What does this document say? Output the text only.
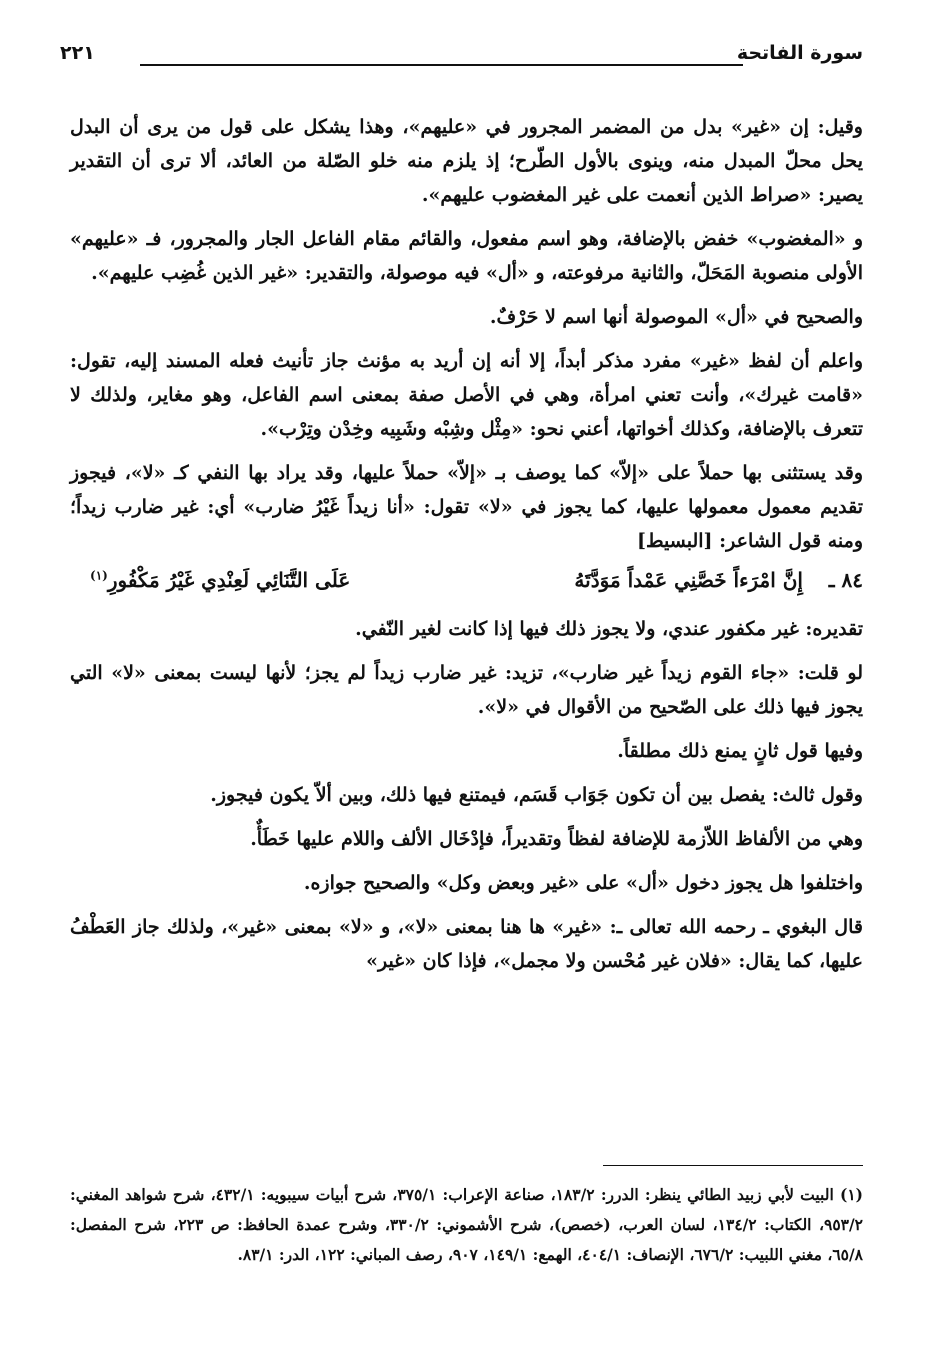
سورة الفاتحة
٢٢١

وقيل: إن «غير» بدل من المضمر المجرور في «عليهم»، وهذا يشكل على قول من يرى أن البدل يحل محلّ المبدل منه، وينوى بالأول الطّرح؛ إذ يلزم منه خلو الصّلة من العائد، ألا ترى أن التقدير يصير: «صراط الذين أنعمت على غير المغضوب عليهم».

و «المغضوب» خفض بالإضافة، وهو اسم مفعول، والقائم مقام الفاعل الجار والمجرور، فـ «عليهم» الأولى منصوبة المَحَلّ، والثانية مرفوعته، و «أل» فيه موصولة، والتقدير: «غير الذين غُضِب عليهم».

والصحيح في «أل» الموصولة أنها اسم لا حَرْفٌ.

واعلم أن لفظ «غير» مفرد مذكر أبداً، إلا أنه إن أريد به مؤنث جاز تأنيث فعله المسند إليه، تقول: «قامت غيرك»، وأنت تعني امرأة، وهي في الأصل صفة بمعنى اسم الفاعل، وهو مغاير، ولذلك لا تتعرف بالإضافة، وكذلك أخواتها، أعني نحو: «مِثْل وشِبْه وشَبِيه وخِدْن وتِرْب».

وقد يستثنى بها حملاً على «إلاّ» كما يوصف بـ «إلاّ» حملاً عليها، وقد يراد بها النفي كـ «لا»، فيجوز تقديم معمول معمولها عليها، كما يجوز في «لا» تقول: «أنا زيداً غَيْرُ ضارب» أي: غير ضارب زيداً؛ ومنه قول الشاعر: [البسيط]

٨٤ ـ
إِنَّ امْرَءاً خَصَّنِي عَمْداً مَوَدَّتَهُ
عَلَى التَّنَائِي لَعِنْدِي غَيْرُ مَكْفُورِ$^{(١)}$

تقديره: غير مكفور عندي، ولا يجوز ذلك فيها إذا كانت لغير النّفي.

لو قلت: «جاء القوم زيداً غير ضارب»، تزيد: غير ضارب زيداً لم يجز؛ لأنها ليست بمعنى «لا» التي يجوز فيها ذلك على الصّحيح من الأقوال في «لا».

وفيها قول ثانٍ يمنع ذلك مطلقاً.

وقول ثالث: يفصل بين أن تكون جَوَاب قَسَم، فيمتنع فيها ذلك، وبين ألاّ يكون فيجوز.

وهي من الألفاظ اللاّزمة للإضافة لفظاً وتقديراً، فإدْخَال الألف واللام عليها خَطَأٌ.

واختلفوا هل يجوز دخول «أل» على «غير وبعض وكل» والصحيح جوازه.

قال البغوي ـ رحمه الله تعالى ـ: «غير» ها هنا بمعنى «لا»، و «لا» بمعنى «غير»، ولذلك جاز العَطْفُ عليها، كما يقال: «فلان غير مُحْسن ولا مجمل»، فإذا كان «غير»

(١) البيت لأبي زبيد الطائي ينظر: الدرر: ١٨٣/٢، صناعة الإعراب: ٣٧٥/١، شرح أبيات سيبويه: ٤٣٢/١، شرح شواهد المغني: ٩٥٣/٢، الكتاب: ١٣٤/٢، لسان العرب، (خصص)، شرح الأشموني: ٣٣٠/٢، وشرح عمدة الحافظ: ص ٢٢٣، شرح المفصل: ٦٥/٨، مغني اللبيب: ٦٧٦/٢، الإنصاف: ٤٠٤/١، الهمع: ١٤٩/١، ٩٠٧، رصف المباني: ١٢٢، الدر: ٨٣/١.
